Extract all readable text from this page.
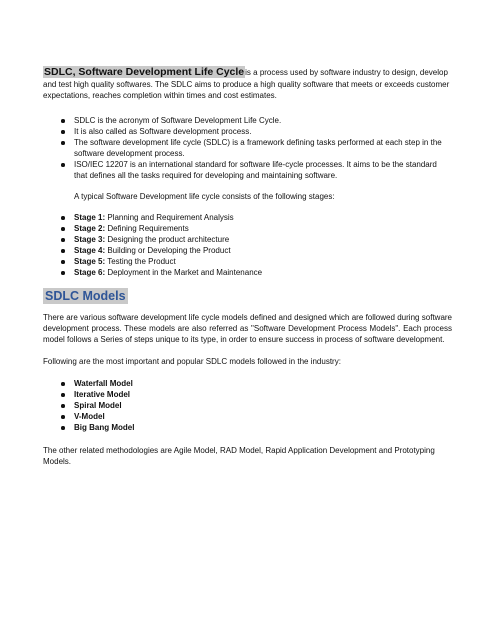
SDLC, Software Development Life Cycleis a process used by software industry to design, develop and test high quality softwares. The SDLC aims to produce a high quality software that meets or exceeds customer expectations, reaches completion within times and cost estimates.

SDLC is the acronym of Software Development Life Cycle.
It is also called as Software development process.
The software development life cycle (SDLC) is a framework defining tasks performed at each step in the software development process.
ISO/IEC 12207 is an international standard for software life-cycle processes. It aims to be the standard that defines all the tasks required for developing and maintaining software.

A typical Software Development life cycle consists of the following stages:

Stage 1: Planning and Requirement Analysis
Stage 2: Defining Requirements
Stage 3: Designing the product architecture
Stage 4: Building or Developing the Product
Stage 5: Testing the Product
Stage 6: Deployment in the Market and Maintenance
SDLC Models

There are various software development life cycle models defined and designed which are followed during software development process. These models are also referred as "Software Development Process Models". Each process model follows a Series of steps unique to its type, in order to ensure success in process of software development.

Following are the most important and popular SDLC models followed in the industry:

Waterfall Model
Iterative Model
Spiral Model
V-Model
Big Bang Model

The other related methodologies are Agile Model, RAD Model, Rapid Application Development and Prototyping Models.
